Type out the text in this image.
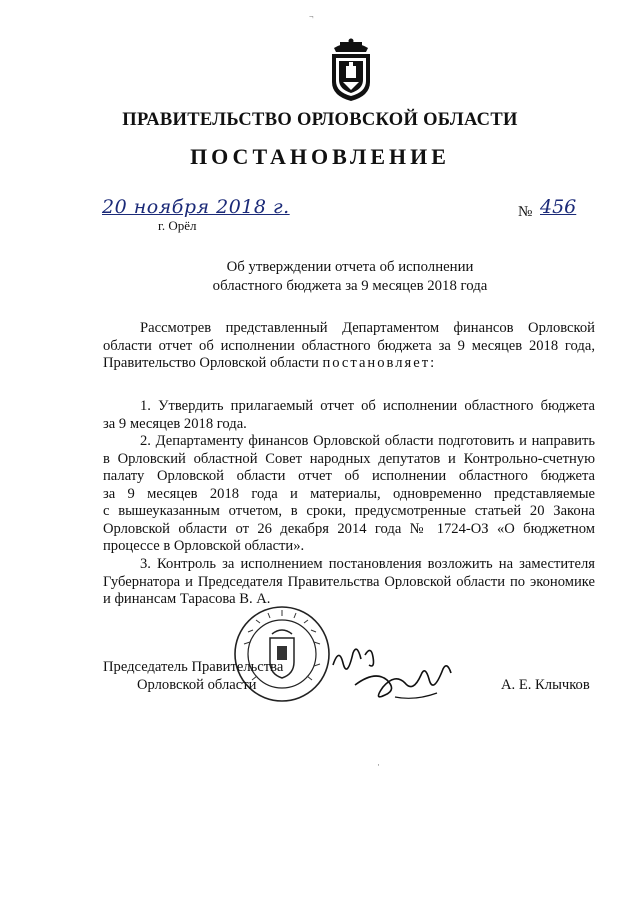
¬
ПРАВИТЕЛЬСТВО ОРЛОВСКОЙ ОБЛАСТИ
ПОСТАНОВЛЕНИЕ
20 ноября 2018 г.
г. Орёл
№ 456
Об утверждении отчета об исполнении
областного бюджета за 9 месяцев 2018 года
Рассмотрев представленный Департаментом финансов Орловской
области отчет об исполнении областного бюджета за 9 месяцев 2018 года,
Правительство Орловской области постановляет:
1. Утвердить прилагаемый отчет об исполнении областного бюджета
за 9 месяцев 2018 года.
2. Департаменту финансов Орловской области подготовить и направить
в Орловский областной Совет народных депутатов и Контрольно-счетную
палату Орловской области отчет об исполнении областного бюджета
за 9 месяцев 2018 года и материалы, одновременно представляемые
с вышеуказанным отчетом, в сроки, предусмотренные статьей 20 Закона
Орловской области от 26 декабря 2014 года № 1724-ОЗ «О бюджетном
процессе в Орловской области».
3. Контроль за исполнением постановления возложить на заместителя
Губернатора и Председателя Правительства Орловской области по экономике
и финансам Тарасова В. А.
Председатель Правительства
Орловской области	А. Е. Клычков
·
